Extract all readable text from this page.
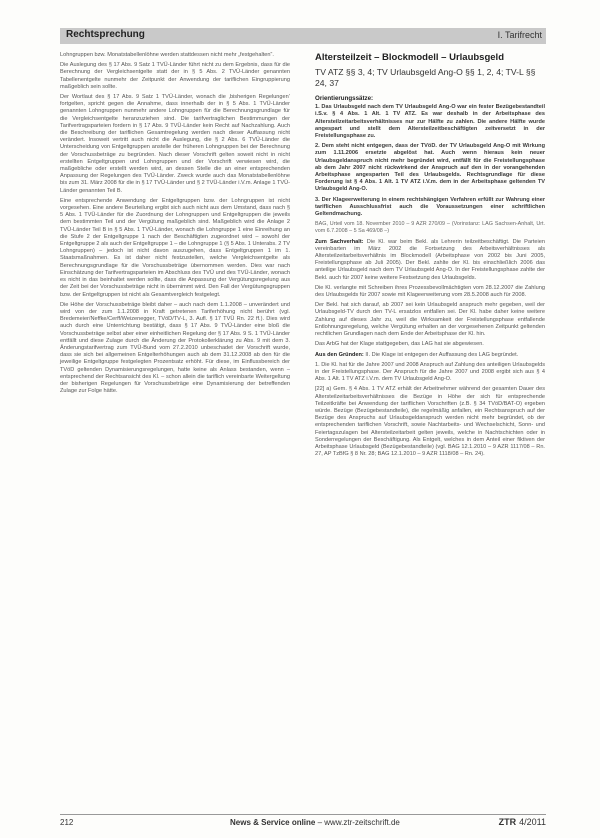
Rechtsprechung	I. Tarifrecht

Lohngruppen bzw. Monatstabellenlöhne werden stattdessen nicht mehr „festgehalten“.

Die Auslegung des § 17 Abs. 9 Satz 1 TVÜ-Länder führt nicht zu dem Ergebnis, dass für die Berechnung der Vergleichsentgelte statt der in § 5 Abs. 2 TVÜ-Länder genannten Tabellenentgelte nunmehr der Zeitpunkt der Anwendung der tariflichen Eingruppierung maßgeblich sein sollte.

Der Wortlaut des § 17 Abs. 9 Satz 1 TVÜ-Länder, wonach die ‚bisherigen Regelungen‘ fortgelten, spricht gegen die Annahme, dass innerhalb der in § 5 Abs. 1 TVÜ-Länder genannten Lohngruppen nunmehr andere Lohngruppen für die Berechnungsgrundlage für die Vergleichsentgelte heranzuziehen sind. Die tarifvertraglichen Bestimmungen der Tarifvertragsparteien fordern in § 17 Abs. 9 TVÜ-Länder kein Recht auf Nachzahlung. Auch die Beschreibung der tariflichen Gesamtregelung werden nach dieser Auffassung nicht verändert. Insoweit vertritt auch nicht die Auslegung, die § 2 Abs. 6 TVÜ-Länder die Unterscheidung von Entgeltgruppen anstelle der früheren Lohngruppen bei der Berechnung der Vorschussbeträge zu begründen. Nach dieser Vorschrift gelten soweit nicht in nicht erstellten Entgeltgruppen und Lohngruppen und der Vorschrift verwiesen wird, die maßgebliche oder erstellt werden wird, an dessen Stelle die an einer entsprechenden Anpassung der Regelungen des TVÜ-Länder. Zweck wurde auch das Monatstabellenlöhne bis zum 31. März 2008 für die in § 17 TVÜ-Länder und § 2 TVÜ-Länder i.V.m. Anlage 1 TVÜ-Länder genannten Teil B.

Eine entsprechende Anwendung der Entgeltgruppen bzw. der Lohngruppen ist nicht vorgesehen. Eine andere Beurteilung ergibt sich auch nicht aus dem Umstand, dass nach § 5 Abs. 1 TVÜ-Länder für die Zuordnung der Lohngruppen und Entgeltgruppen die jeweils dem bestimmten Teil und der Vergütung maßgeblich sind. Maßgeblich wird die Anlage 2 TVÜ-Länder Teil B in § 5 Abs. 1 TVÜ-Länder, wonach die Lohngruppe 1 eine Einreihung an die Stufe 2 der Entgeltgruppe 1 nach der Beschäftigten zugeordnet wird – sowohl der Entgeltgruppe 2 als auch der Entgeltgruppe 1 – die Lohngruppe 1 (§ 5 Abs. 1 Unterabs. 2 TV Lohngruppen) – jedoch ist nicht davon auszugehen, dass Entgeltgruppen 1 im 1. Staatsmaßnahmen. Es ist daher nicht festzustellen, welche Vergleichsentgelte als Berechnungsgrundlage für die Vorschussbeträge übernommen werden. Dies war nach Einschätzung der Tarifvertragsparteien im Abschluss des TVÜ und des TVÜ-Länder, wonach es nicht in das beinhaltet werden sollte, dass die Anpassung der Vergütungsregelung aus der Zeit bei der Vorschussbeträge nicht in übernimmt wird. Den Fall der Vergütungsgruppen bzw. der Entgeltgruppen ist nicht als Gesamtvergleich festgelegt.

Die Höhe der Vorschussbeträge bleibt daher – auch nach dem 1.1.2008 – unverändert und wird von der zum 1.1.2008 in Kraft getretenen Tariferhöhung nicht berührt (vgl. Bredemeier/Neffke/Cerff/Weizenegger, TVöD/TV-L, 3. Aufl. § 17 TVÜ Rn. 22 ff.). Dies wird auch durch eine Unterrichtung bestätigt, dass § 17 Abs. 9 TVÜ-Länder eine bloß die Vorschussbeträge selbst aber einer einheitlichen Regelung der § 17 Abs. 9 S. 1 TVÜ-Länder entfällt und diese Zulage durch die Änderung der Protokollerklärung zu Abs. 9 mit dem 3. Änderungstarifvertrag zum TVÜ-Bund vom 27.2.2010 unbeschadet der Vorschrift wurde, dass sie sich bei allgemeinen Entgelterhöhungen auch ab dem 31.12.2008 ab den für die jeweilige Entgeltgruppe festgelegten Prozentsatz erhöht. Für diese, im Einflussbereich der TVöD geltenden Dynamisierungsregelungen, hatte keine als Anlass bestanden, wenn – entsprechend der Rechtsansicht des Kl. – schon allein die tariflich vereinbarte Weitergeltung der bisherigen Regelungen für Vorschussbeträge eine Dynamisierung der betreffenden Zulage zur Folge hätte.

Altersteilzeit – Blockmodell – Urlaubsgeld

TV ATZ §§ 3, 4; TV Urlaubsgeld Ang-O §§ 1, 2, 4; TV-L §§ 24, 37

Orientierungssätze:

1. Das Urlaubsgeld nach dem TV Urlaubsgeld Ang-O war ein fester Bezügebestandteil i.S.v. § 4 Abs. 1 Alt. 1 TV ATZ. Es war deshalb in der Arbeitsphase des Altersteilzeitarbeitsverhältnisses nur zur Hälfte zu zahlen. Die andere Hälfte wurde angespart und stellt dem Altersteilzeitbeschäftigten zeitversetzt in der Freistellungsphase zu.

2. Dem steht nicht entgegen, dass der TVöD. der TV Urlaubsgeld Ang-O mit Wirkung zum 1.11.2006 ersetzte abgelöst hat. Auch wenn hieraus kein neuer Urlaubsgeldanspruch nicht mehr begründet wird, entfällt für die Freistellungsphase ab dem Jahr 2007 nicht rückwirkend der Anspruch auf den in der vorangehenden Arbeitsphase angesparten Teil des Urlaubsgelds. Rechtsgrundlage für diese Forderung ist § 4 Abs. 1 Alt. 1 TV ATZ i.V.m. dem in der Arbeitsphase geltenden TV Urlaubsgeld Ang-O.

3. Der Klageerweiterung in einem rechtshängigen Verfahren erfüllt zur Wahrung einer tariflichen Ausschlussfrist auch die Voraussetzungen einer schriftlichen Geltendmachung.

BAG, Urteil vom 18. November 2010 – 9 AZR 270/09 – (Vorinstanz: LAG Sachsen-Anhalt, Urt. vom 6.7.2008 – 5 Sa 469/08 –)

Zum Sachverhalt: Die Kl. war beim Bekl. als Lehrerin teilzeitbeschäftigt. Die Parteien vereinbarten im März 2002 die Fortsetzung des Arbeitsverhältnisses als Altersteilzeitarbeitsverhältnis im Blockmodell (Arbeitsphase von 2002 bis Juni 2005, Freistellungsphase ab Juli 2005). Der Bekl. zahlte der Kl. bis einschließlich 2006 das anteilige Urlaubsgeld nach dem TV Urlaubsgeld Ang-O. In der Freistellungsphase zahlte der Bekl. auch für 2007 keine weitere Festsetzung des Urlaubsgelds.

Die Kl. verlangte mit Schreiben ihres Prozessbevollmächtigten vom 28.12.2007 die Zahlung des Urlaubsgelds für 2007 sowie mit Klageerweiterung vom 28.5.2008 auch für 2008.

Der Bekl. hat sich darauf, ab 2007 sei kein Urlaubsgeld anspruch mehr gegeben, weil der Urlaubsgeld-TV durch den TV-L ersatzlos entfallen sei. Der Kl. habe daher keine weitere Zahlung auf dieses Jahr zu, weil die Wirksamkeit der Freistellungsphase entfallende Entlohnungsregelung, welche Vergütung erhalten an der vorgesehenen Zeitpunkt geltenden rechtlichen Grundlagen nach dem Ende der Arbeitsphase der Kl. hin.

Das ArbG hat der Klage stattgegeben, das LAG hat sie abgewiesen.

Aus den Gründen: II. Die Klage ist entgegen der Auffassung des LAG begründet.

1. Die Kl. hat für die Jahre 2007 und 2008 Anspruch auf Zahlung des anteiligen Urlaubsgelds in der Freistellungsphase. Der Anspruch für die Jahre 2007 und 2008 ergibt sich aus § 4 Abs. 1 Alt. 1 TV ATZ i.V.m. dem TV Urlaubsgeld Ang-O.

[22] a) Gem. § 4 Abs. 1 TV ATZ erhält der Arbeitnehmer während der gesamten Dauer des Altersteilzeitarbeitsverhältnisses die Bezüge in Höhe der sich für entsprechende Teilzeitkräfte bei Anwendung der tariflichen Vorschriften (z.B. § 34 TVöD/BAT-O) ergeben würde. Bezüge (Bezügebestandteile), die regelmäßig anfallen, ein Rechtsanspruch auf der Bezüge des Anspruchs auf Urlaubsgeldanspruch werden nicht mehr begründet, ob der entsprechenden tariflichen Vorschrift, sowie Nachtarbeits- und Wechselschicht, Sonn- und Feiertagszulagen bei Altersteilzeitarbeit gelten jeweils, welche in Nachtschichten oder in Sonderregelungen der Beschäftigung. Als Entgelt, welches in dem Anteil einer fiktiven der Arbeitsphase Urlaubsgeld (Bezügebestandteile) (vgl. BAG 12.1.2010 – 9 AZR 1117/08 – Rn. 27, AP TzBfG § 8 Nr. 28; BAG 12.1.2010 – 9 AZR 1118/08 – Rn. 24).

212	News & Service online – www.ztr-zeitschrift.de	ZTR 4/2011
